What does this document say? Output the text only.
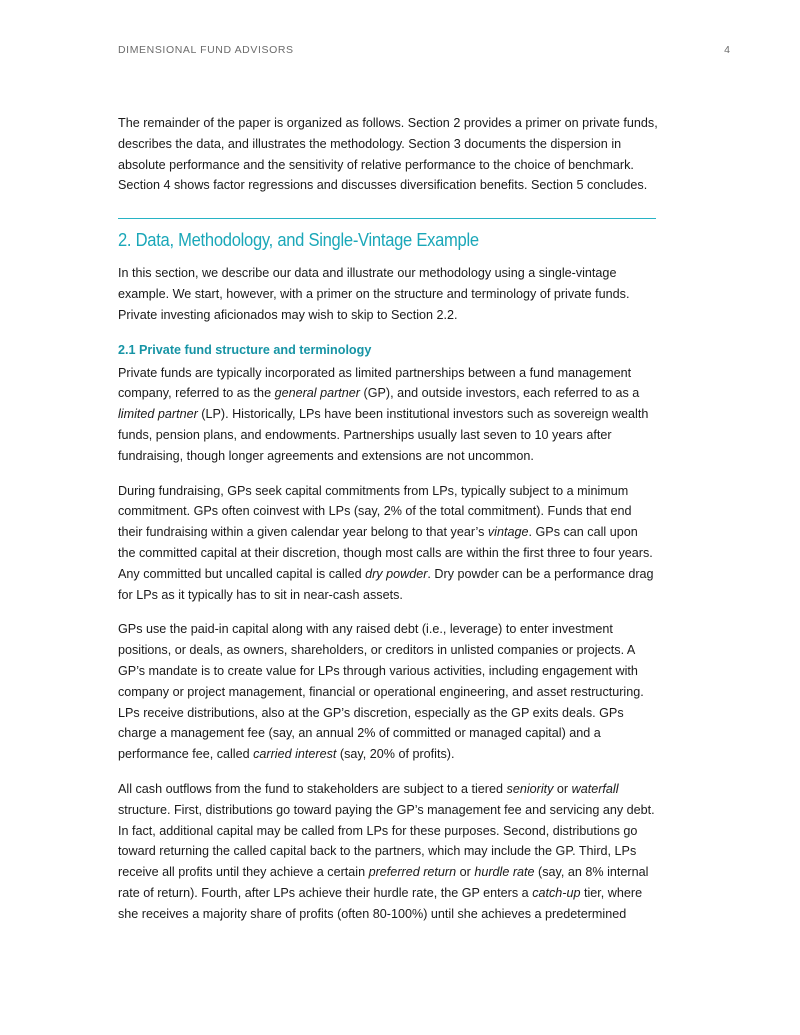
DIMENSIONAL FUND ADVISORS	4

The remainder of the paper is organized as follows. Section 2 provides a primer on private funds, describes the data, and illustrates the methodology. Section 3 documents the dispersion in absolute performance and the sensitivity of relative performance to the choice of benchmark. Section 4 shows factor regressions and discusses diversification benefits. Section 5 concludes.

2. Data, Methodology, and Single-Vintage Example

In this section, we describe our data and illustrate our methodology using a single-vintage example. We start, however, with a primer on the structure and terminology of private funds. Private investing aficionados may wish to skip to Section 2.2.

2.1 Private fund structure and terminology

Private funds are typically incorporated as limited partnerships between a fund management company, referred to as the general partner (GP), and outside investors, each referred to as a limited partner (LP). Historically, LPs have been institutional investors such as sovereign wealth funds, pension plans, and endowments. Partnerships usually last seven to 10 years after fundraising, though longer agreements and extensions are not uncommon.

During fundraising, GPs seek capital commitments from LPs, typically subject to a minimum commitment. GPs often coinvest with LPs (say, 2% of the total commitment). Funds that end their fundraising within a given calendar year belong to that year’s vintage. GPs can call upon the committed capital at their discretion, though most calls are within the first three to four years. Any committed but uncalled capital is called dry powder. Dry powder can be a performance drag for LPs as it typically has to sit in near-cash assets.

GPs use the paid-in capital along with any raised debt (i.e., leverage) to enter investment positions, or deals, as owners, shareholders, or creditors in unlisted companies or projects. A GP’s mandate is to create value for LPs through various activities, including engagement with company or project management, financial or operational engineering, and asset restructuring. LPs receive distributions, also at the GP’s discretion, especially as the GP exits deals. GPs charge a management fee (say, an annual 2% of committed or managed capital) and a performance fee, called carried interest (say, 20% of profits).

All cash outflows from the fund to stakeholders are subject to a tiered seniority or waterfall structure. First, distributions go toward paying the GP’s management fee and servicing any debt. In fact, additional capital may be called from LPs for these purposes. Second, distributions go toward returning the called capital back to the partners, which may include the GP. Third, LPs receive all profits until they achieve a certain preferred return or hurdle rate (say, an 8% internal rate of return). Fourth, after LPs achieve their hurdle rate, the GP enters a catch-up tier, where she receives a majority share of profits (often 80-100%) until she achieves a predetermined
